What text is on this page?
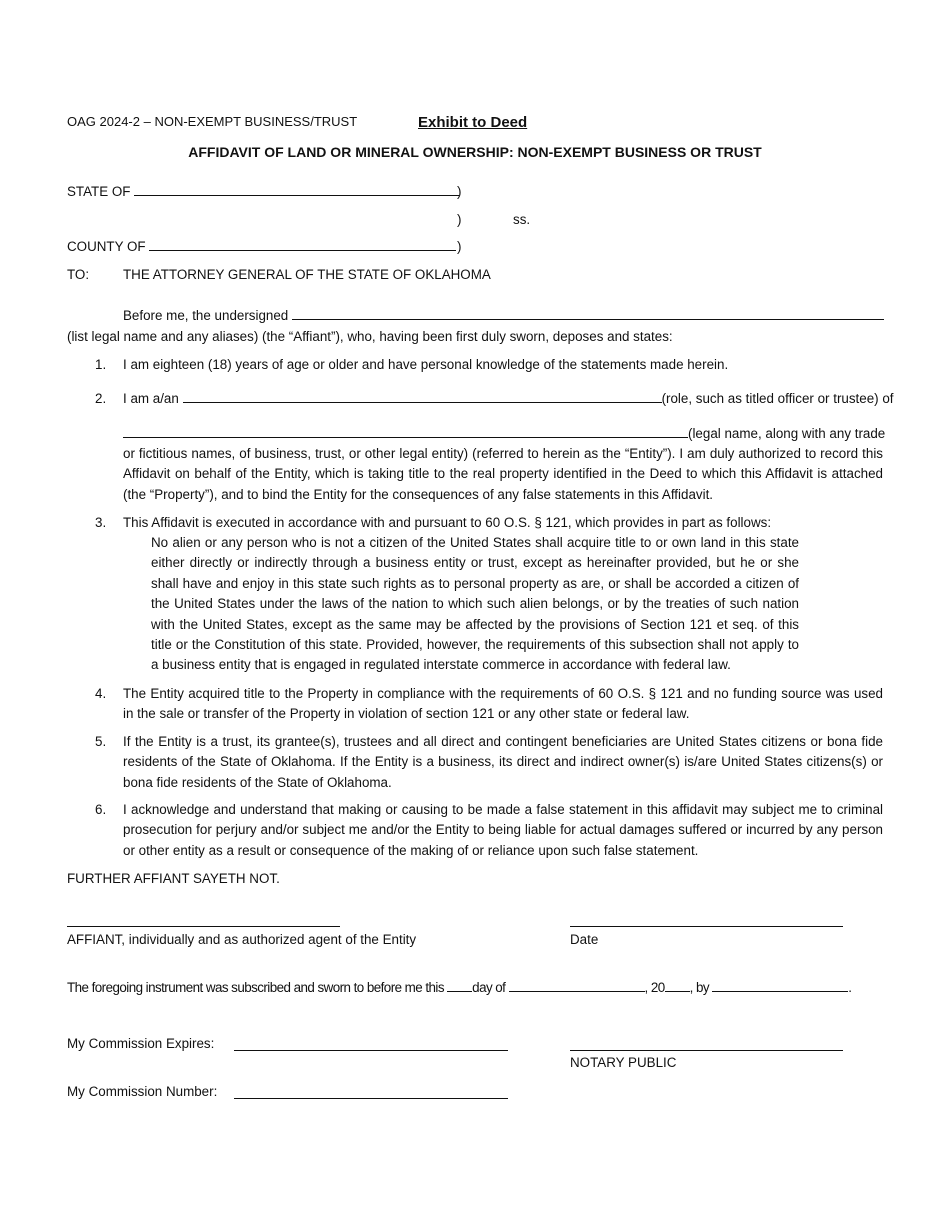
OAG 2024-2 – NON-EXEMPT BUSINESS/TRUST	Exhibit to Deed
AFFIDAVIT OF LAND OR MINERAL OWNERSHIP: NON-EXEMPT BUSINESS OR TRUST
STATE OF	)
)	ss.
COUNTY OF	)
TO:	THE ATTORNEY GENERAL OF THE STATE OF OKLAHOMA
Before me, the undersigned
(list legal name and any aliases) (the “Affiant”), who, having been first duly sworn, deposes and states:
1.	I am eighteen (18) years of age or older and have personal knowledge of the statements made herein.
2.	I am a/an	(role, such as titled officer or trustee) of
(legal name, along with any trade
or fictitious names, of business, trust, or other legal entity) (referred to herein as the “Entity”). I am duly authorized to record this Affidavit on behalf of the Entity, which is taking title to the real property identified in the Deed to which this Affidavit is attached (the “Property”), and to bind the Entity for the consequences of any false statements in this Affidavit.
3.	This Affidavit is executed in accordance with and pursuant to 60 O.S. § 121, which provides in part as follows:
No alien or any person who is not a citizen of the United States shall acquire title to or own land in this state either directly or indirectly through a business entity or trust, except as hereinafter provided, but he or she shall have and enjoy in this state such rights as to personal property as are, or shall be accorded a citizen of the United States under the laws of the nation to which such alien belongs, or by the treaties of such nation with the United States, except as the same may be affected by the provisions of Section 121 et seq. of this title or the Constitution of this state. Provided, however, the requirements of this subsection shall not apply to a business entity that is engaged in regulated interstate commerce in accordance with federal law.
4.	The Entity acquired title to the Property in compliance with the requirements of 60 O.S. § 121 and no funding source was used in the sale or transfer of the Property in violation of section 121 or any other state or federal law.
5.	If the Entity is a trust, its grantee(s), trustees and all direct and contingent beneficiaries are United States citizens or bona fide residents of the State of Oklahoma. If the Entity is a business, its direct and indirect owner(s) is/are United States citizens(s) or bona fide residents of the State of Oklahoma.
6.	I acknowledge and understand that making or causing to be made a false statement in this affidavit may subject me to criminal prosecution for perjury and/or subject me and/or the Entity to being liable for actual damages suffered or incurred by any person or other entity as a result or consequence of the making of or reliance upon such false statement.
FURTHER AFFIANT SAYETH NOT.
AFFIANT, individually and as authorized agent of the Entity	Date
The foregoing instrument was subscribed and sworn to before me this day of	, 20 , by	.
My Commission Expires:
NOTARY PUBLIC
My Commission Number:
